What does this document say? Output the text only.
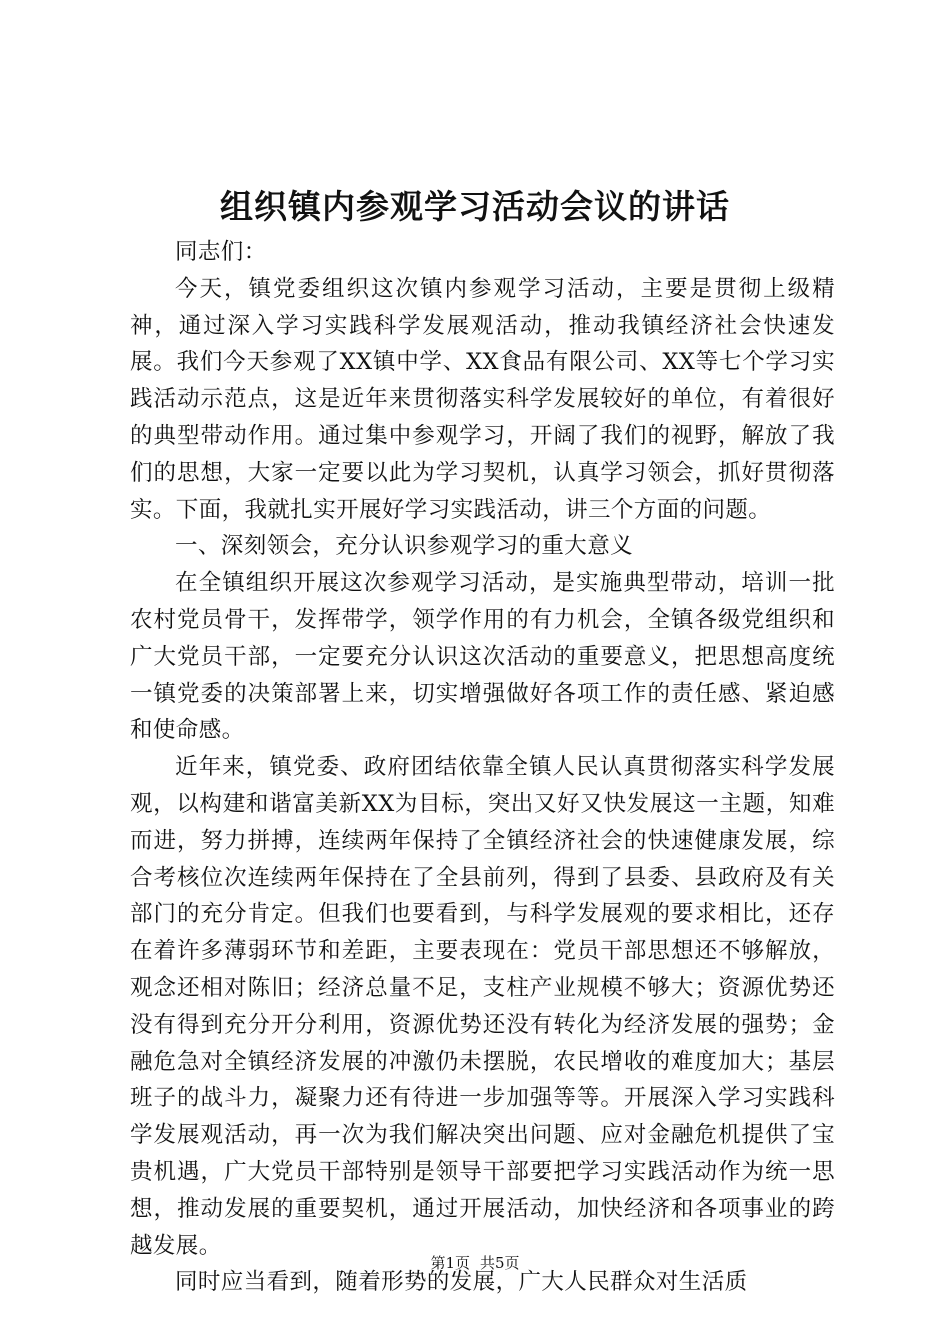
组织镇内参观学习活动会议的讲话

同志们：

今天，镇党委组织这次镇内参观学习活动，主要是贯彻上级精神，通过深入学习实践科学发展观活动，推动我镇经济社会快速发展。我们今天参观了XX镇中学、XX食品有限公司、XX等七个学习实践活动示范点，这是近年来贯彻落实科学发展较好的单位，有着很好的典型带动作用。通过集中参观学习，开阔了我们的视野，解放了我们的思想，大家一定要以此为学习契机，认真学习领会，抓好贯彻落实。下面，我就扎实开展好学习实践活动，讲三个方面的问题。

一、深刻领会，充分认识参观学习的重大意义

在全镇组织开展这次参观学习活动，是实施典型带动，培训一批农村党员骨干，发挥带学，领学作用的有力机会，全镇各级党组织和广大党员干部，一定要充分认识这次活动的重要意义，把思想高度统一镇党委的决策部署上来，切实增强做好各项工作的责任感、紧迫感和使命感。

近年来，镇党委、政府团结依靠全镇人民认真贯彻落实科学发展观，以构建和谐富美新XX为目标，突出又好又快发展这一主题，知难而进，努力拼搏，连续两年保持了全镇经济社会的快速健康发展，综合考核位次连续两年保持在了全县前列，得到了县委、县政府及有关部门的充分肯定。但我们也要看到，与科学发展观的要求相比，还存在着许多薄弱环节和差距，主要表现在：党员干部思想还不够解放，观念还相对陈旧；经济总量不足，支柱产业规模不够大；资源优势还没有得到充分开分利用，资源优势还没有转化为经济发展的强势；金融危急对全镇经济发展的冲激仍未摆脱，农民增收的难度加大；基层班子的战斗力，凝聚力还有待进一步加强等等。开展深入学习实践科学发展观活动，再一次为我们解决突出问题、应对金融危机提供了宝贵机遇，广大党员干部特别是领导干部要把学习实践活动作为统一思想，推动发展的重要契机，通过开展活动，加快经济和各项事业的跨越发展。

同时应当看到，随着形势的发展，广大人民群众对生活质

第1页 共5页
